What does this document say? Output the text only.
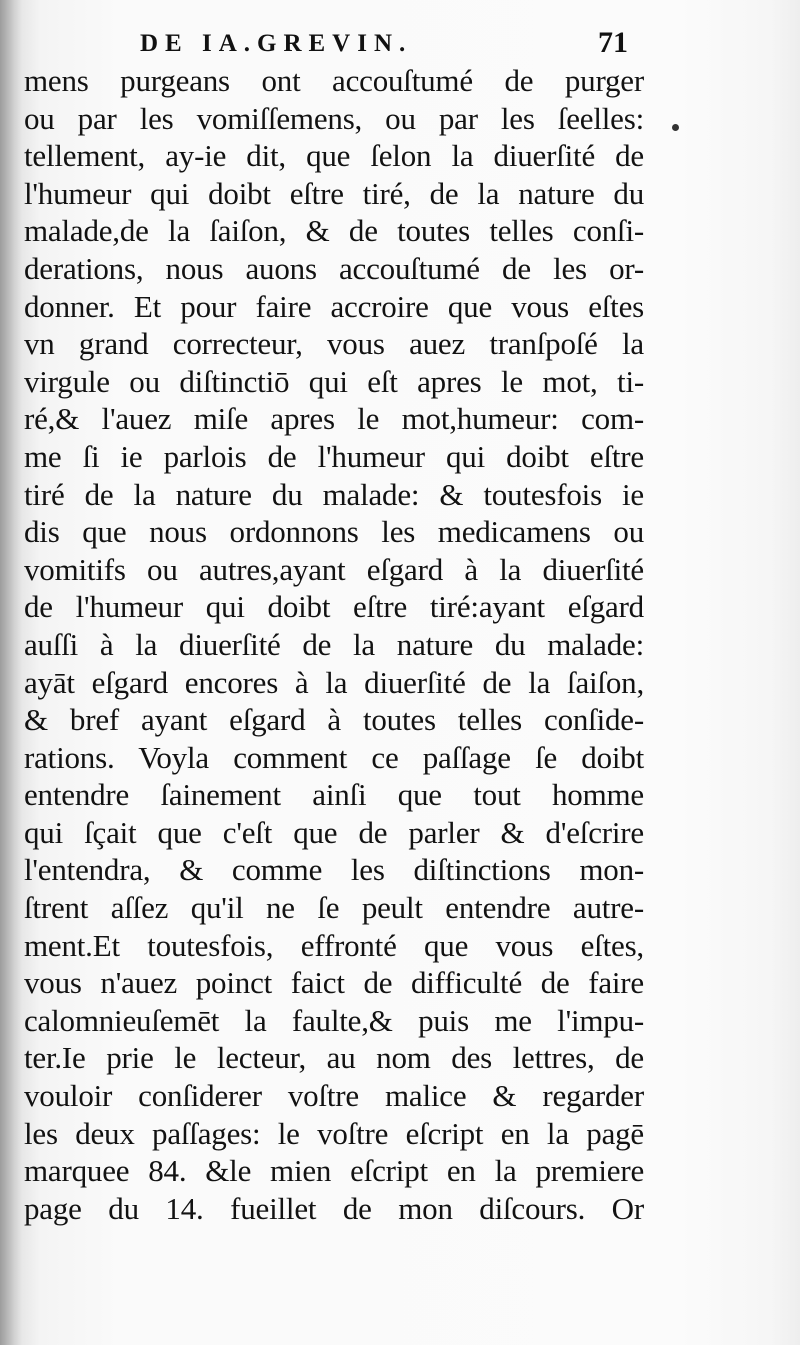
DE IA.GREVIN.	71
mens purgeans ont accouſtumé de purger
ou par les vomiſſemens, ou par les ſeelles:
tellement, ay-ie dit, que ſelon la diuerſité de
l'humeur qui doibt eſtre tiré, de la nature du
malade,de la ſaiſon, & de toutes telles conſi-
derations, nous auons accouſtumé de les or-
donner. Et pour faire accroire que vous eſtes
vn grand correcteur, vous auez tranſpoſé la
virgule ou diſtinctiō qui eſt apres le mot, ti-
ré,& l'auez miſe apres le mot,humeur: com-
me ſi ie parlois de l'humeur qui doibt eſtre
tiré de la nature du malade: & toutesfois ie
dis que nous ordonnons les medicamens ou
vomitifs ou autres,ayant eſgard à la diuerſité
de l'humeur qui doibt eſtre tiré:ayant eſgard
auſſi à la diuerſité de la nature du malade:
ayāt eſgard encores à la diuerſité de la ſaiſon,
& bref ayant eſgard à toutes telles conſide-
rations. Voyla comment ce paſſage ſe doibt
entendre ſainement ainſi que tout homme
qui ſçait que c'eſt que de parler & d'eſcrire
l'entendra, & comme les diſtinctions mon-
ſtrent aſſez qu'il ne ſe peult entendre autre-
ment.Et toutesfois, effronté que vous eſtes,
vous n'auez poinct faict de difficulté de faire
calomnieuſemēt la faulte,& puis me l'impu-
ter.Ie prie le lecteur, au nom des lettres, de
vouloir conſiderer voſtre malice & regarder
les deux paſſages: le voſtre eſcript en la pagē
marquee 84. &le mien eſcript en la premiere
page du 14. fueillet de mon diſcours. Or
